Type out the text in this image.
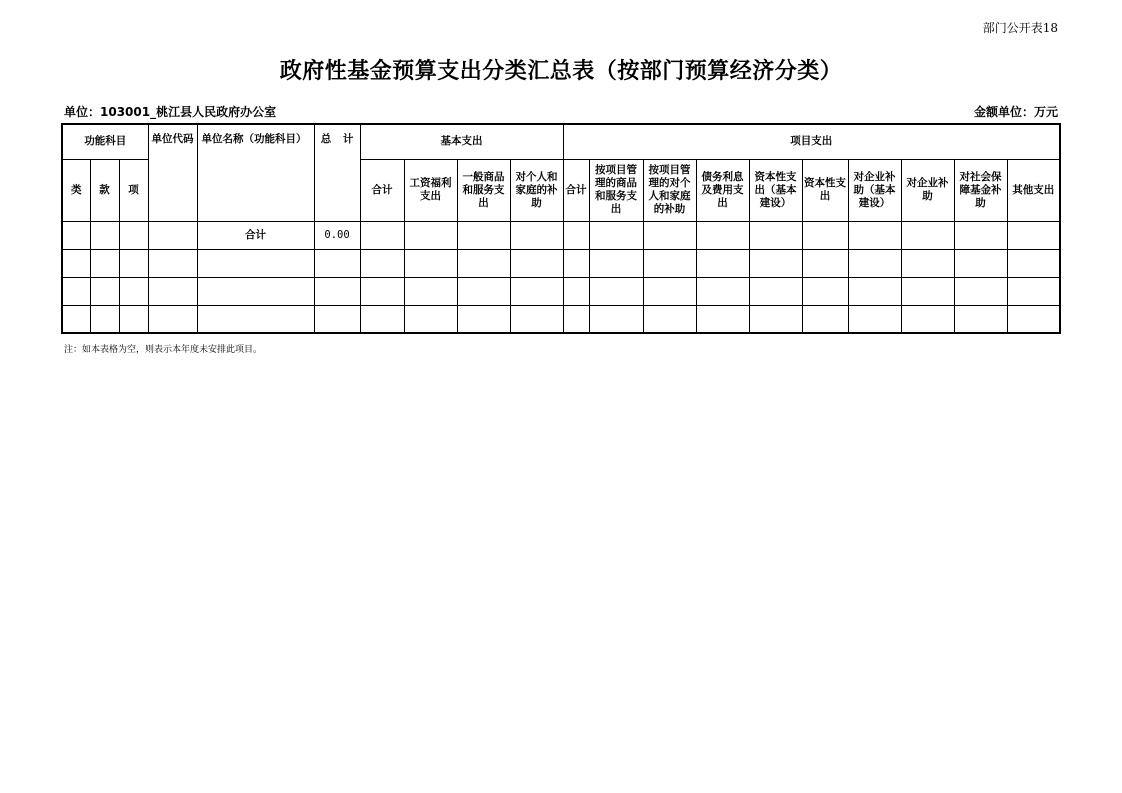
部门公开表18
政府性基金预算支出分类汇总表（按部门预算经济分类）
单位：103001_桃江县人民政府办公室	金额单位：万元
功能科目			单位代码	单位名称（功能科目）	总 计	基本支出				项目支出									
类	款	项				合计	工资福利支出	一般商品和服务支出	对个人和家庭的补助	合计	按项目管理的商品和服务支出	按项目管理的对个人和家庭的补助	债务利息及费用支出	资本性支出（基本建设）	资本性支出	对企业补助（基本建设）	对企业补助	对社会保障基金补助	其他支出
				合计	0.00														

注：如本表格为空，则表示本年度未安排此项目。
